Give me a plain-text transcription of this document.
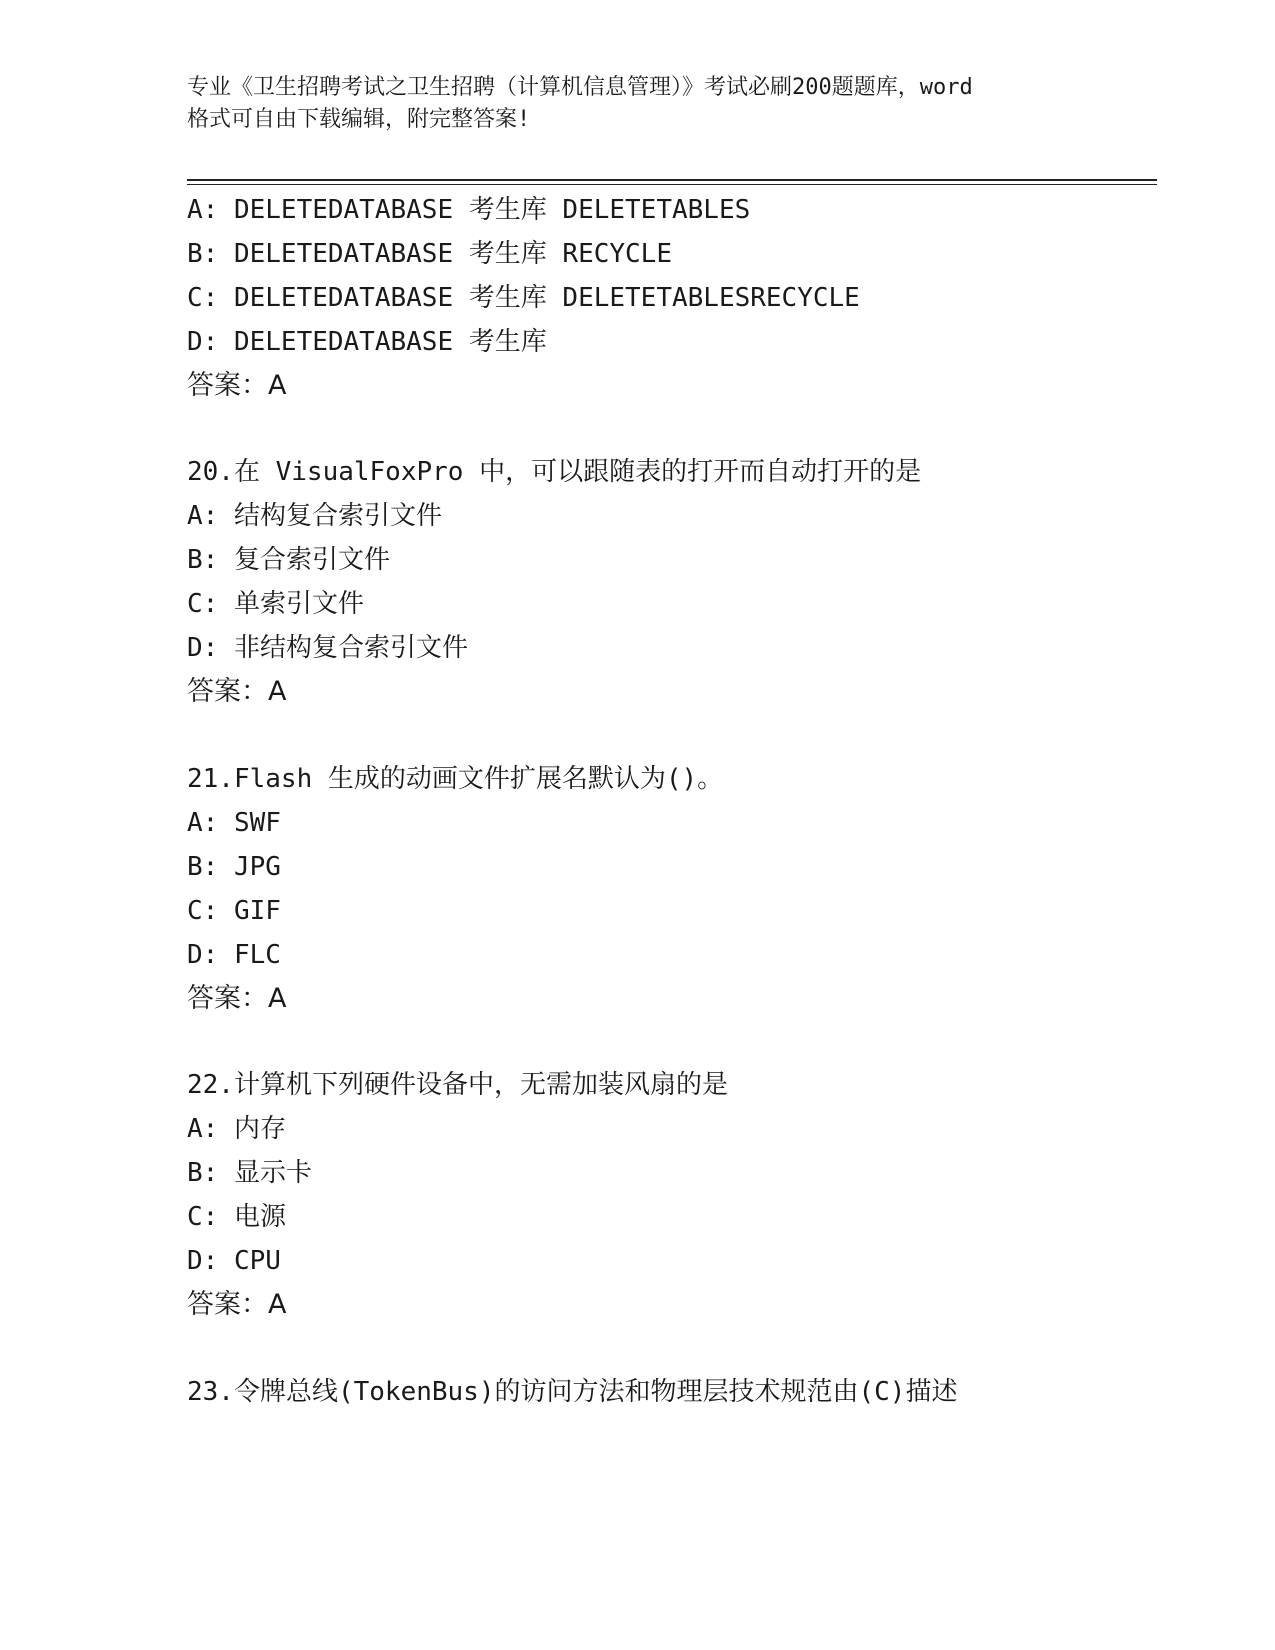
专业《卫生招聘考试之卫生招聘（计算机信息管理）》考试必刷200题题库，word
格式可自由下载编辑，附完整答案!
A: DELETEDATABASE 考生库 DELETETABLES
B: DELETEDATABASE 考生库 RECYCLE
C: DELETEDATABASE 考生库 DELETETABLESRECYCLE
D: DELETEDATABASE 考生库
答案：A
20.在 VisualFoxPro 中，可以跟随表的打开而自动打开的是
A: 结构复合索引文件
B: 复合索引文件
C: 单索引文件
D: 非结构复合索引文件
答案：A
21.Flash 生成的动画文件扩展名默认为()。
A: SWF
B: JPG
C: GIF
D: FLC
答案：A
22.计算机下列硬件设备中，无需加装风扇的是
A: 内存
B: 显示卡
C: 电源
D: CPU
答案：A
23.令牌总线(TokenBus)的访问方法和物理层技术规范由(C)描述
